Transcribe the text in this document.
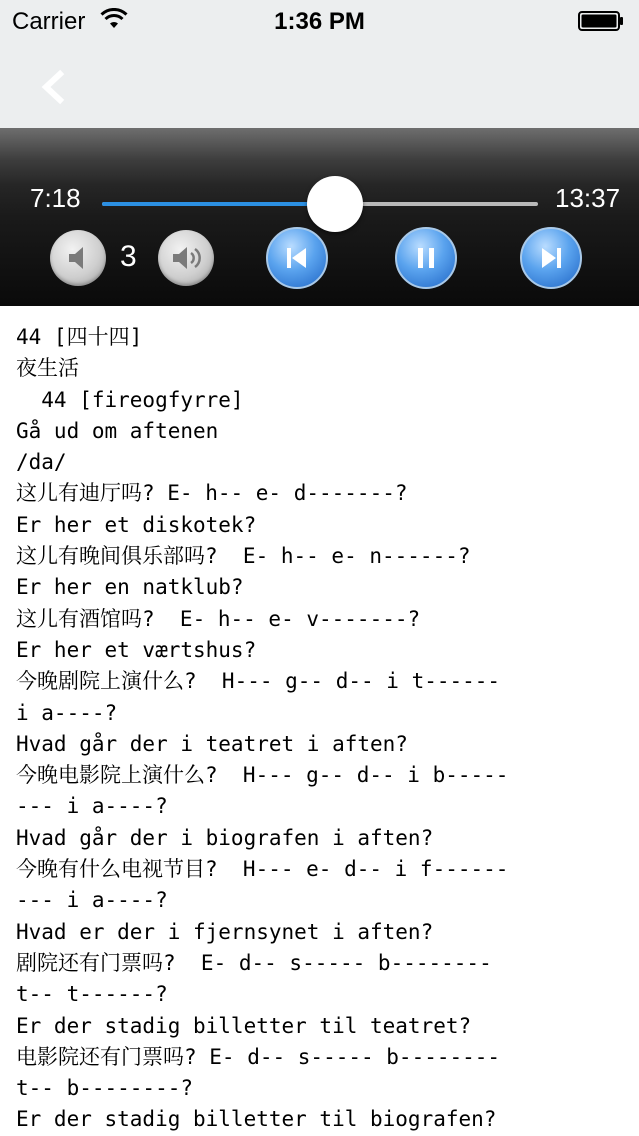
Carrier	1:36 PM
7:18	13:37
3
44 [四十四]
夜生活
44 [fireogfyrre]
Gå ud om aftenen
/da/
这儿有迪厅吗? E- h-- e- d-------?
Er her et diskotek?
这儿有晚间俱乐部吗?  E- h-- e- n------?
Er her en natklub?
这儿有酒馆吗?  E- h-- e- v-------?
Er her et værtshus?
今晚剧院上演什么?  H--- g-- d-- i t------
i a----?
Hvad går der i teatret i aften?
今晚电影院上演什么?  H--- g-- d-- i b-----
--- i a----?
Hvad går der i biografen i aften?
今晚有什么电视节目?  H--- e- d-- i f------
--- i a----?
Hvad er der i fjernsynet i aften?
剧院还有门票吗?  E- d-- s----- b--------
t-- t------?
Er der stadig billetter til teatret?
电影院还有门票吗? E- d-- s----- b--------
t-- b--------?
Er der stadig billetter til biografen?
